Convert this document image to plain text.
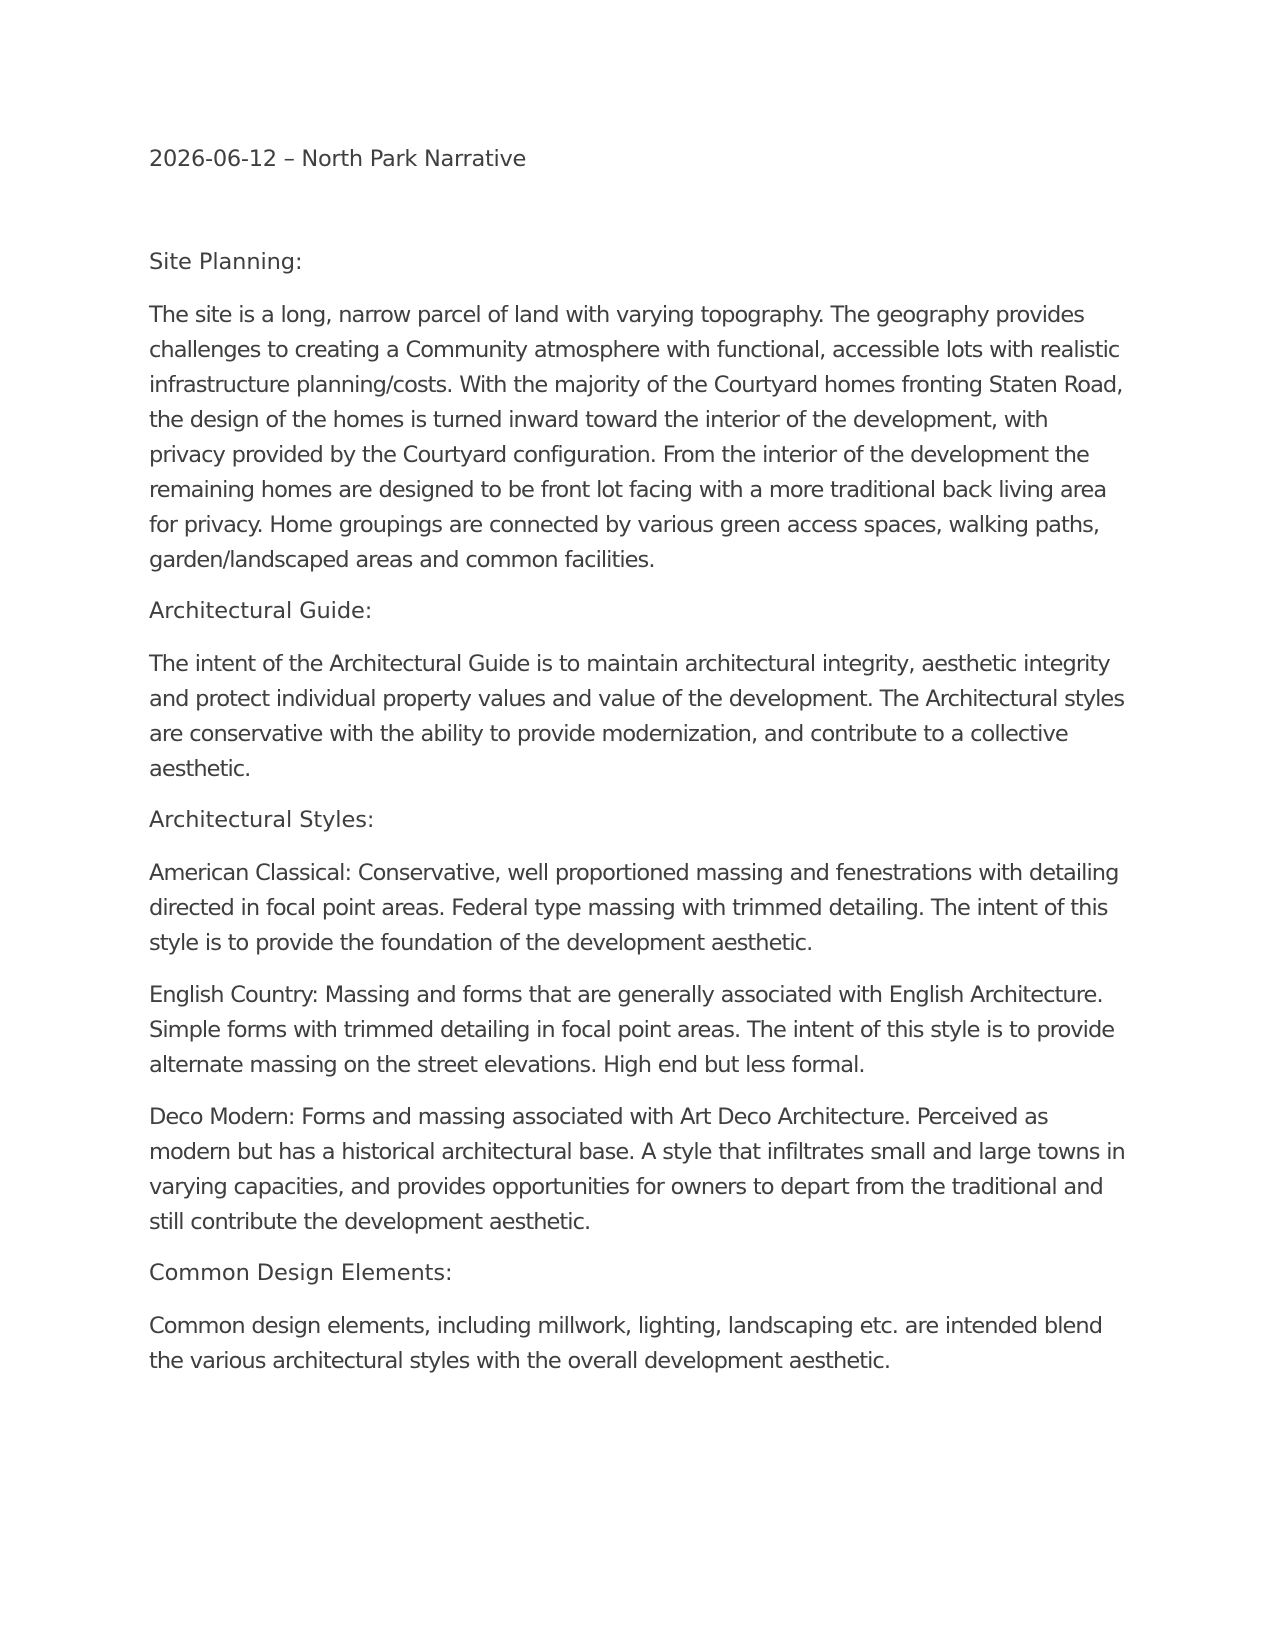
2026-06-12 – North Park Narrative
Site Planning:

The site is a long, narrow parcel of land with varying topography. The geography provides challenges to creating a Community atmosphere with functional, accessible lots with realistic infrastructure planning/costs. With the majority of the Courtyard homes fronting Staten Road, the design of the homes is turned inward toward the interior of the development, with privacy provided by the Courtyard configuration. From the interior of the development the remaining homes are designed to be front lot facing with a more traditional back living area for privacy. Home groupings are connected by various green access spaces, walking paths, garden/landscaped areas and common facilities.

Architectural Guide:

The intent of the Architectural Guide is to maintain architectural integrity, aesthetic integrity and protect individual property values and value of the development. The Architectural styles are conservative with the ability to provide modernization, and contribute to a collective aesthetic.

Architectural Styles:

American Classical: Conservative, well proportioned massing and fenestrations with detailing directed in focal point areas. Federal type massing with trimmed detailing. The intent of this style is to provide the foundation of the development aesthetic.

English Country: Massing and forms that are generally associated with English Architecture. Simple forms with trimmed detailing in focal point areas. The intent of this style is to provide alternate massing on the street elevations. High end but less formal.

Deco Modern: Forms and massing associated with Art Deco Architecture. Perceived as modern but has a historical architectural base. A style that infiltrates small and large towns in varying capacities, and provides opportunities for owners to depart from the traditional and still contribute the development aesthetic.

Common Design Elements:

Common design elements, including millwork, lighting, landscaping etc. are intended blend the various architectural styles with the overall development aesthetic.
